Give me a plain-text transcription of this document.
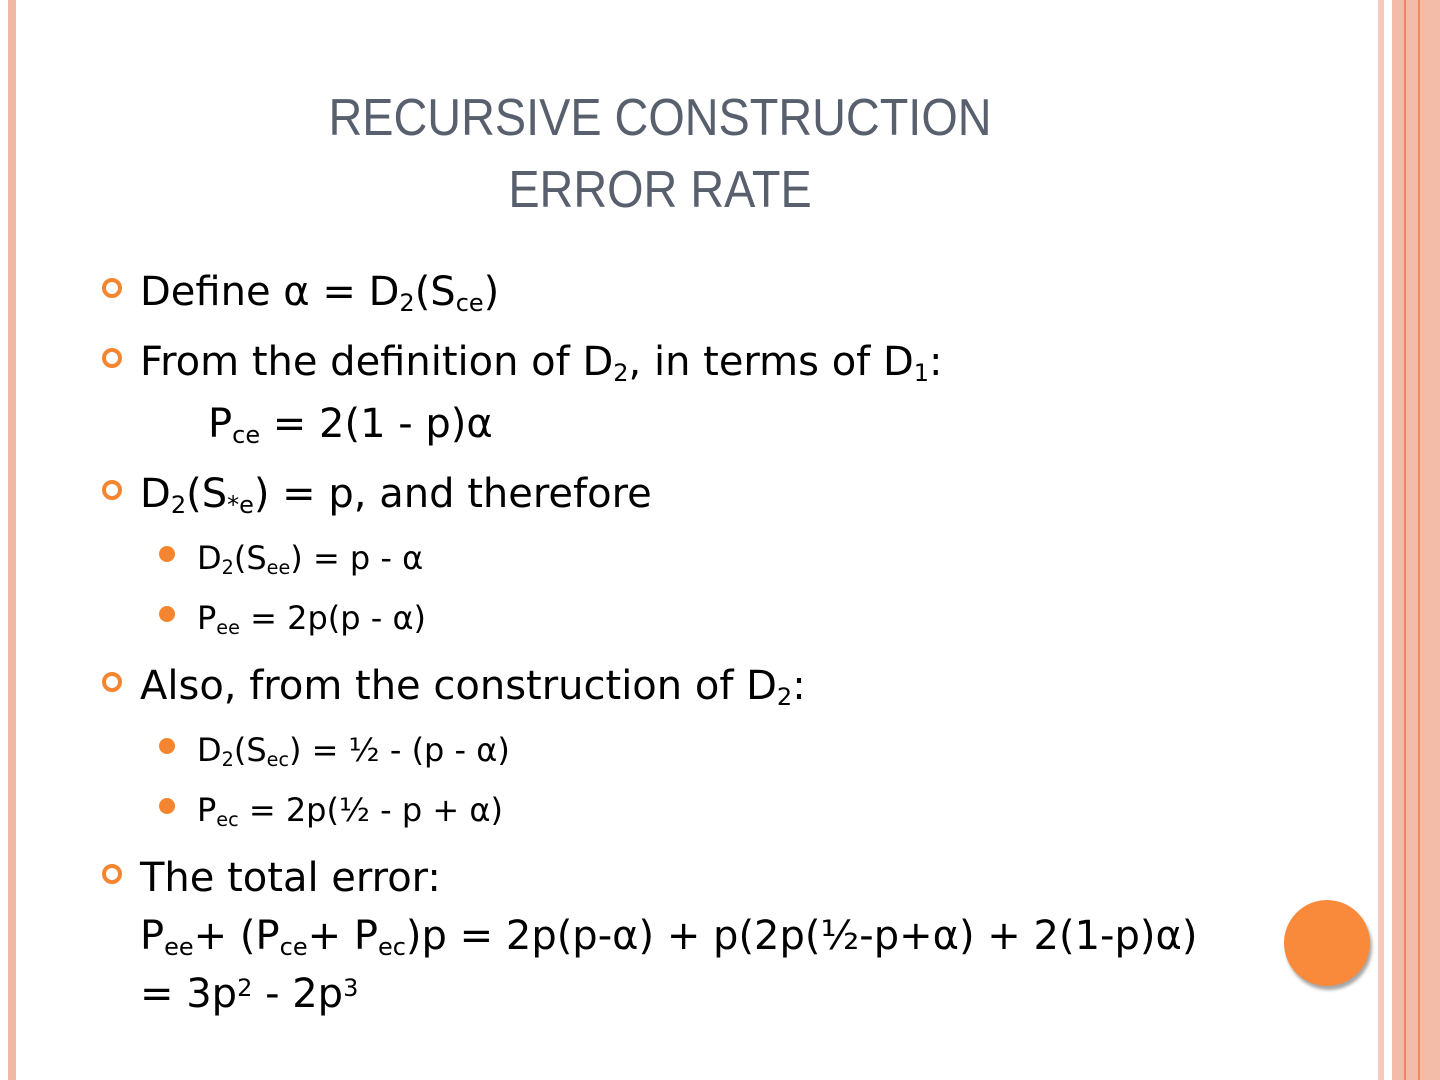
RECURSIVE CONSTRUCTION
ERROR RATE
Define $\alpha = D_2(S_{ce})$
From the definition of $D_2$, in terms of $D_1$:
$P_{ce} = 2(1 - p)\alpha$
$D_2(S_{*e}) = p$, and therefore
$D_2(S_{ee}) = p - \alpha$
$P_{ee} = 2p(p - \alpha)$
Also, from the construction of $D_2$:
$D_2(S_{ec})$ = ½ - (p - α)
$P_{ec}$ = 2p(½ - p + α)
The total error:
$P_{ee}+ (P_{ce}+ P_{ec})p = 2p(p-\alpha)$ + p(2p(½-p+α) + 2(1-p)α)
= $3p^2 - 2p^3$
